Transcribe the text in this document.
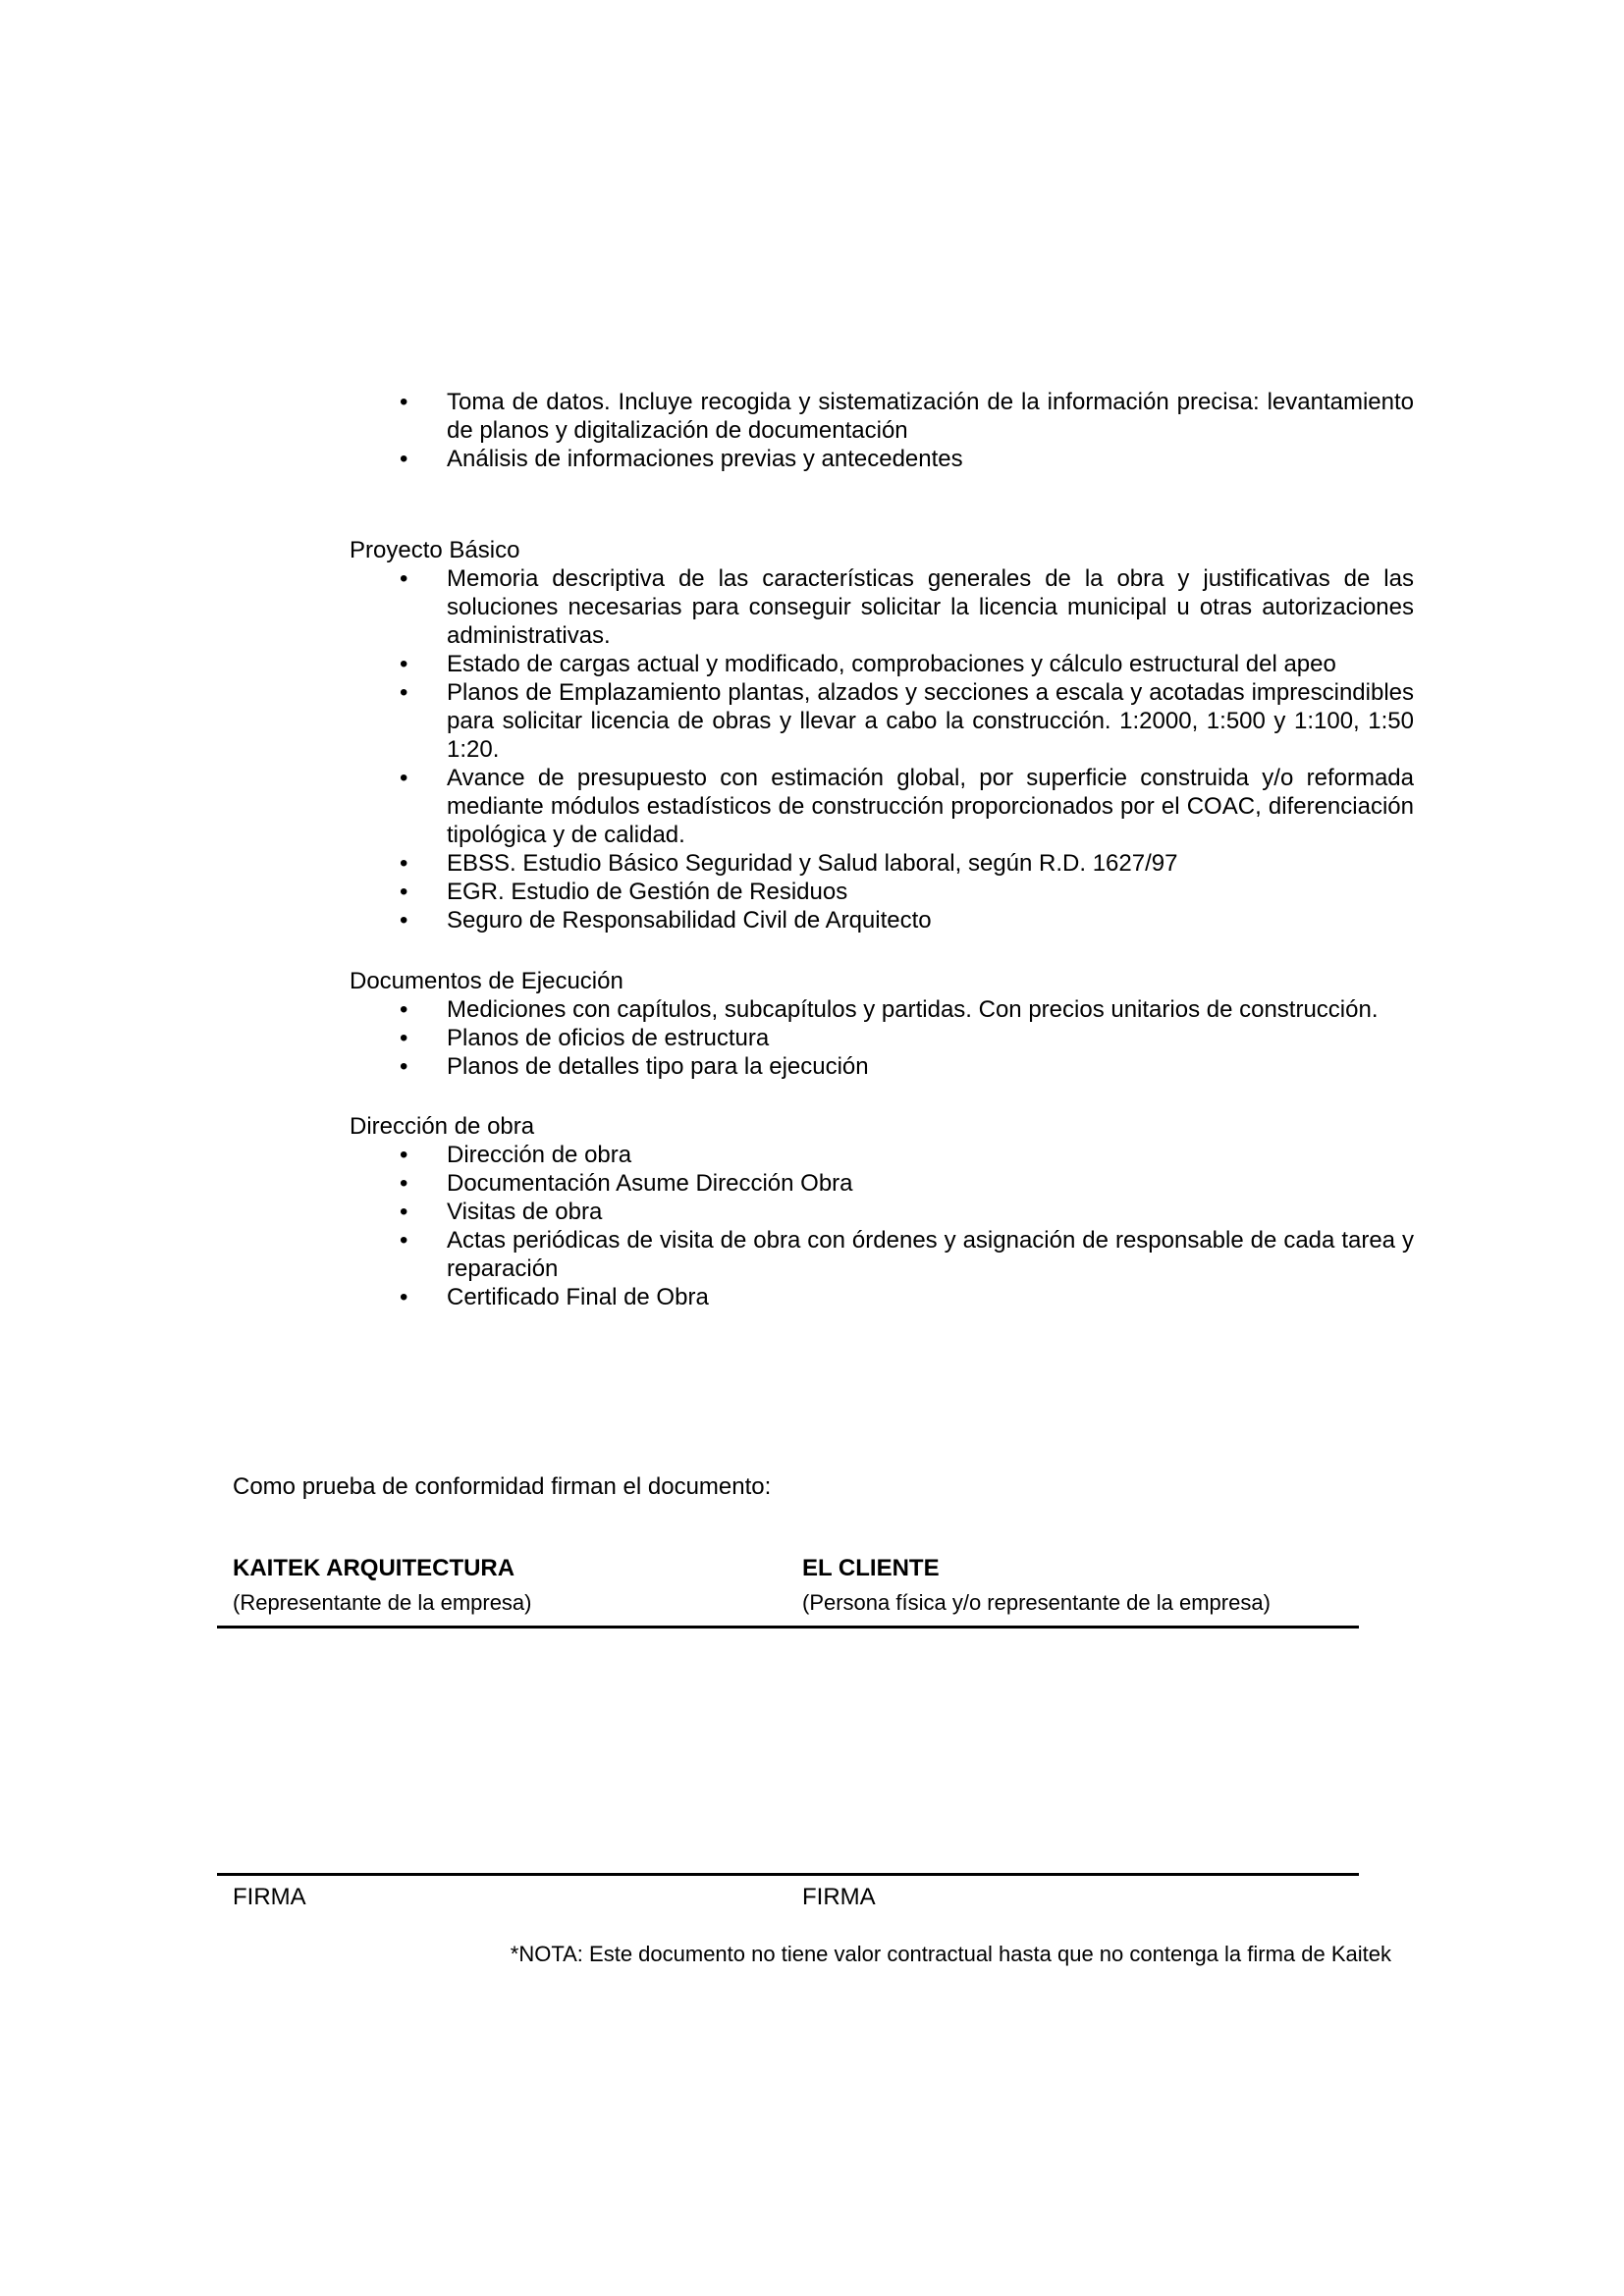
• Toma de datos. Incluye recogida y sistematización de la información precisa: levantamiento de planos y digitalización de documentación
• Análisis de informaciones previas y antecedentes
Proyecto Básico
• Memoria descriptiva de las características generales de la obra y justificativas de las soluciones necesarias para conseguir solicitar la licencia municipal u otras autorizaciones administrativas.
• Estado de cargas actual y modificado, comprobaciones y cálculo estructural del apeo
• Planos de Emplazamiento plantas, alzados y secciones a escala y acotadas imprescindibles para solicitar licencia de obras y llevar a cabo la construcción. 1:2000, 1:500 y 1:100, 1:50 1:20.
• Avance de presupuesto con estimación global, por superficie construida y/o reformada mediante módulos estadísticos de construcción proporcionados por el COAC, diferenciación tipológica y de calidad.
• EBSS. Estudio Básico Seguridad y Salud laboral, según R.D. 1627/97
• EGR. Estudio de Gestión de Residuos
• Seguro de Responsabilidad Civil de Arquitecto
Documentos de Ejecución
• Mediciones con capítulos, subcapítulos y partidas. Con precios unitarios de construcción.
• Planos de oficios de estructura
• Planos de detalles tipo para la ejecución
Dirección de obra
• Dirección de obra
• Documentación Asume Dirección Obra
• Visitas de obra
• Actas periódicas de visita de obra con órdenes y asignación de responsable de cada tarea y reparación
• Certificado Final de Obra
Como prueba de conformidad firman el documento:
KAITEK ARQUITECTURA	EL CLIENTE
(Representante de la empresa)	(Persona física y/o representante de la empresa)
FIRMA	FIRMA
*NOTA: Este documento no tiene valor contractual hasta que no contenga la firma de Kaitek
